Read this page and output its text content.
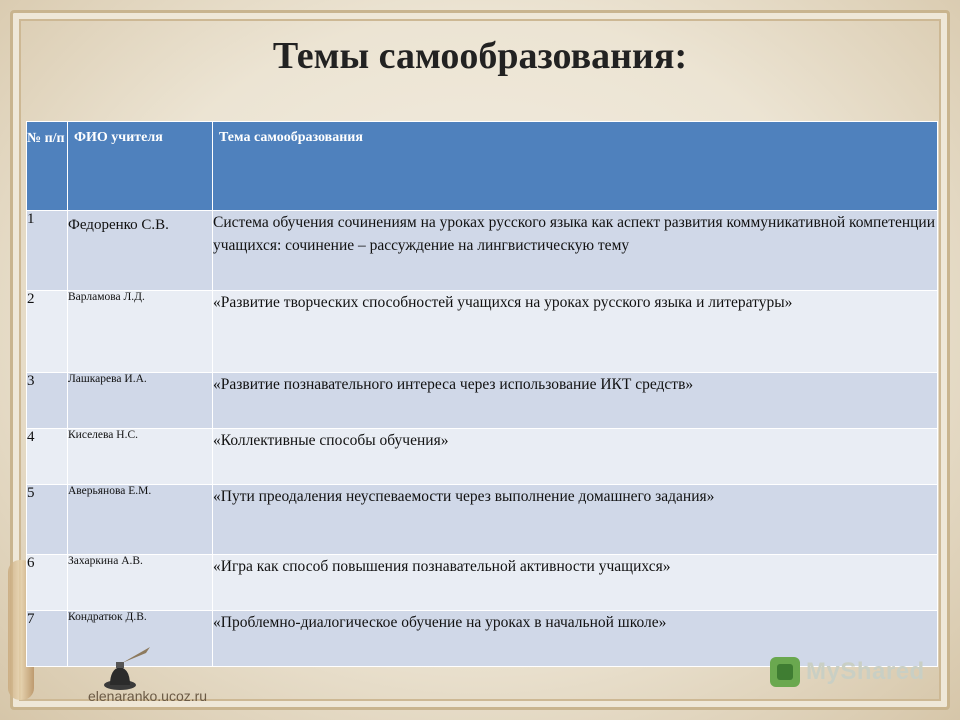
Темы самообразования:
№ п/п	ФИО учителя	Тема самообразования
1	Федоренко С.В.	Система обучения сочинениям на уроках русского языка как аспект развития коммуникативной компетенции учащихся: сочинение – рассуждение на лингвистическую тему
2	Варламова Л.Д.	«Развитие творческих способностей учащихся на уроках русского языка и литературы»
3	Лашкарева И.А.	«Развитие познавательного интереса через использование ИКТ средств»
4	Киселева Н.С.	«Коллективные способы обучения»
5	Аверьянова Е.М.	«Пути преодаления неуспеваемости через выполнение домашнего задания»
6	Захаркина А.В.	«Игра как способ повышения познавательной активности учащихся»
7	Кондратюк Д.В.	«Проблемно-диалогическое обучение на уроках в начальной школе»
elenaranko.ucoz.ru
MyShared
